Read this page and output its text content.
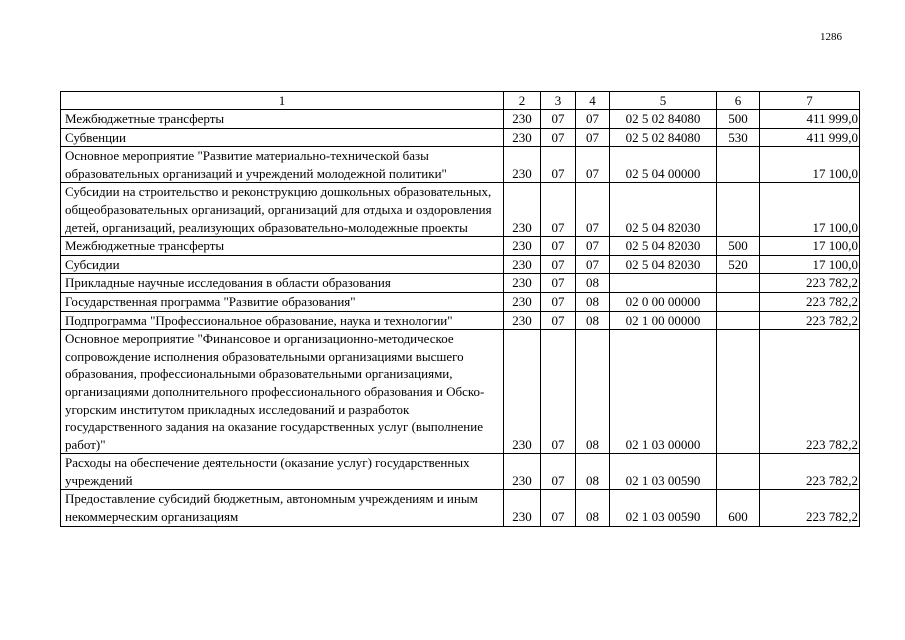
1286
1	2	3	4	5	6	7
Межбюджетные трансферты	230	07	07	02 5 02 84080	500	411 999,0
Субвенции	230	07	07	02 5 02 84080	530	411 999,0
Основное мероприятие "Развитие материально-технической базы образовательных организаций и учреждений молодежной политики"	230	07	07	02 5 04 00000		17 100,0
Субсидии на строительство и реконструкцию дошкольных образовательных, общеобразовательных организаций, организаций для отдыха и оздоровления детей, организаций, реализующих образовательно-молодежные проекты	230	07	07	02 5 04 82030		17 100,0
Межбюджетные трансферты	230	07	07	02 5 04 82030	500	17 100,0
Субсидии	230	07	07	02 5 04 82030	520	17 100,0
Прикладные научные исследования в области образования	230	07	08			223 782,2
Государственная программа "Развитие образования"	230	07	08	02 0 00 00000		223 782,2
Подпрограмма "Профессиональное образование, наука и технологии"	230	07	08	02 1 00 00000		223 782,2
Основное мероприятие "Финансовое и организационно-методическое сопровождение исполнения образовательными организациями высшего образования, профессиональными образовательными организациями, организациями дополнительного профессионального образования и Обско-угорским институтом прикладных исследований и разработок государственного задания на оказание государственных услуг (выполнение работ)"	230	07	08	02 1 03 00000		223 782,2
Расходы на обеспечение деятельности (оказание услуг) государственных учреждений	230	07	08	02 1 03 00590		223 782,2
Предоставление субсидий бюджетным, автономным учреждениям и иным некоммерческим организациям	230	07	08	02 1 03 00590	600	223 782,2
